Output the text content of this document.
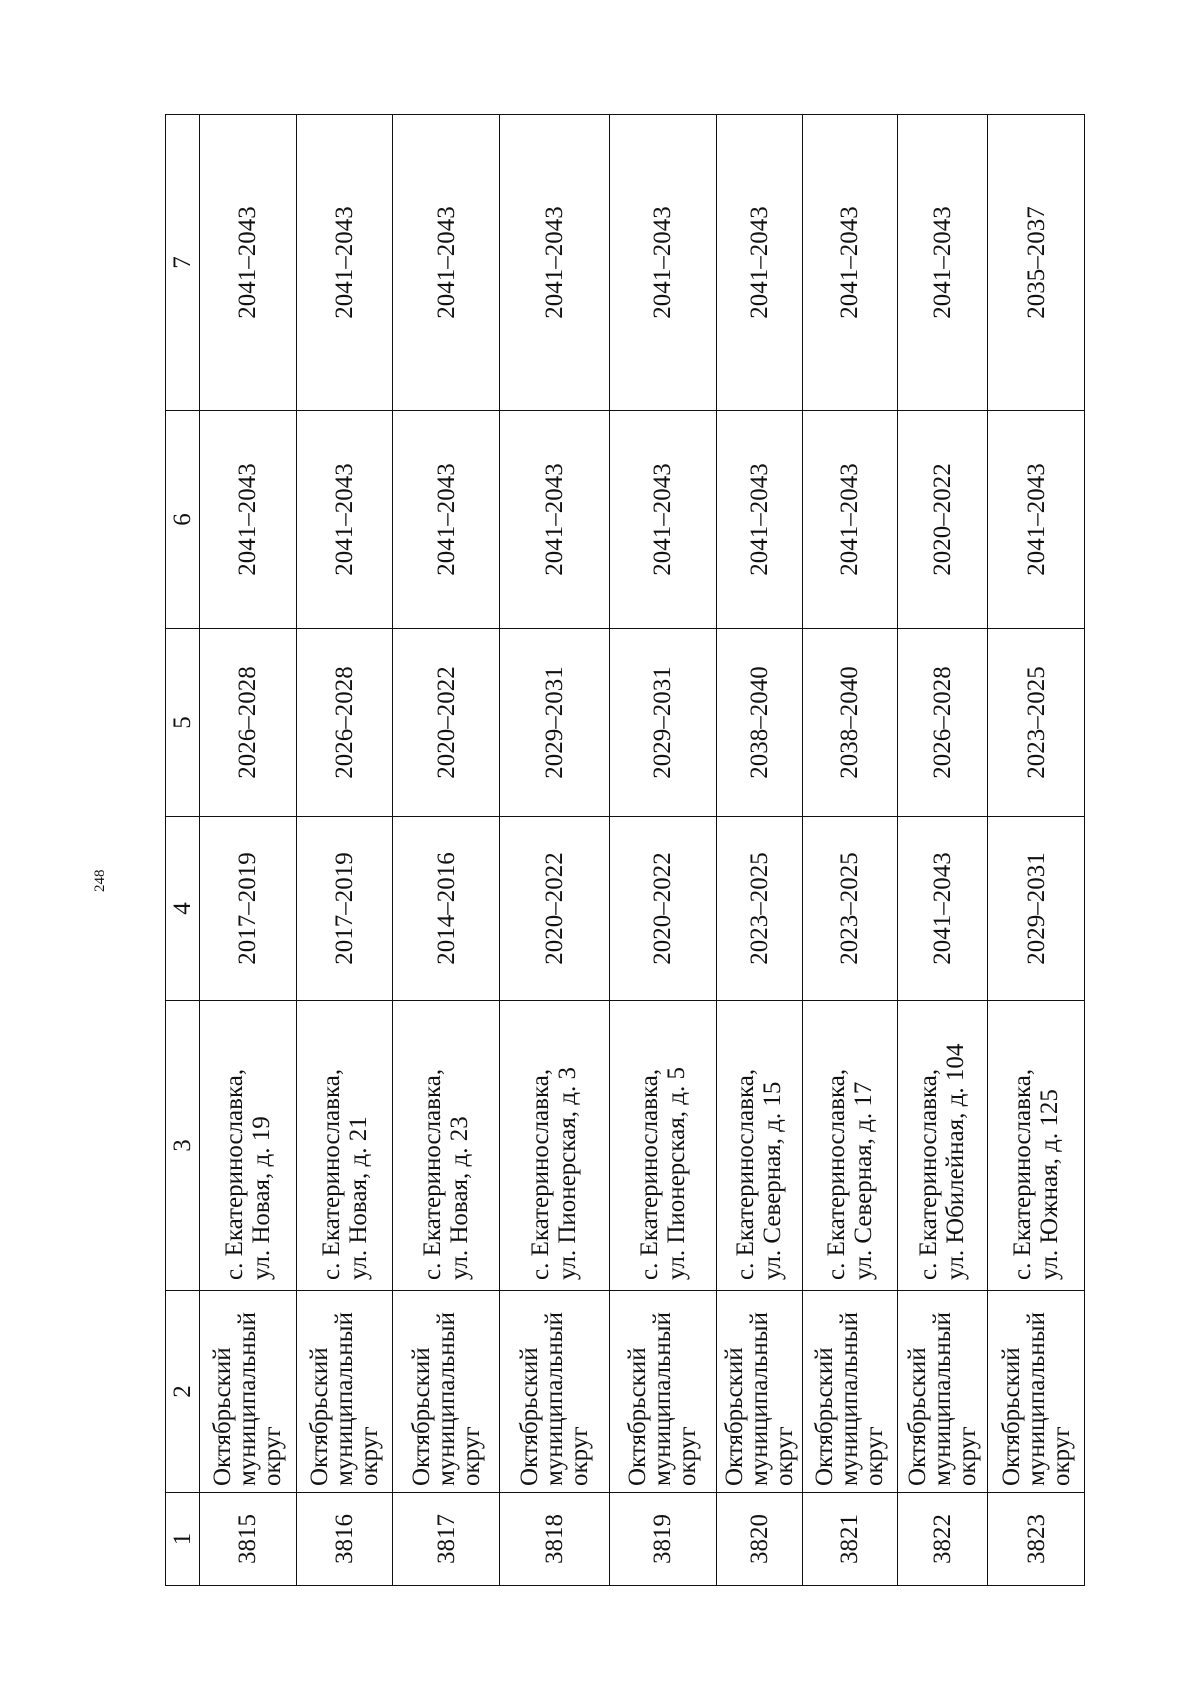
248
1	2	3	4	5	6	7
3815	Октябрьский
муниципальный
округ	с. Екатеринославка, ул. Новая, д. 19	2017–2019	2026–2028	2041–2043	2041–2043
3816	Октябрьский
муниципальный
округ	с. Екатеринославка, ул. Новая, д. 21	2017–2019	2026–2028	2041–2043	2041–2043
3817	Октябрьский
муниципальный
округ	с. Екатеринославка, ул. Новая, д. 23	2014–2016	2020–2022	2041–2043	2041–2043
3818	Октябрьский
муниципальный
округ	с. Екатеринославка, ул. Пионерская, д. 3	2020–2022	2029–2031	2041–2043	2041–2043
3819	Октябрьский
муниципальный
округ	с. Екатеринославка, ул. Пионерская, д. 5	2020–2022	2029–2031	2041–2043	2041–2043
3820	Октябрьский
муниципальный
округ	с. Екатеринославка, ул. Северная, д. 15	2023–2025	2038–2040	2041–2043	2041–2043
3821	Октябрьский
муниципальный
округ	с. Екатеринославка, ул. Северная, д. 17	2023–2025	2038–2040	2041–2043	2041–2043
3822	Октябрьский
муниципальный
округ	с. Екатеринославка, ул. Юбилейная, д. 104	2041–2043	2026–2028	2020–2022	2041–2043
3823	Октябрьский
муниципальный
округ	с. Екатеринославка, ул. Южная, д. 125	2029–2031	2023–2025	2041–2043	2035–2037
